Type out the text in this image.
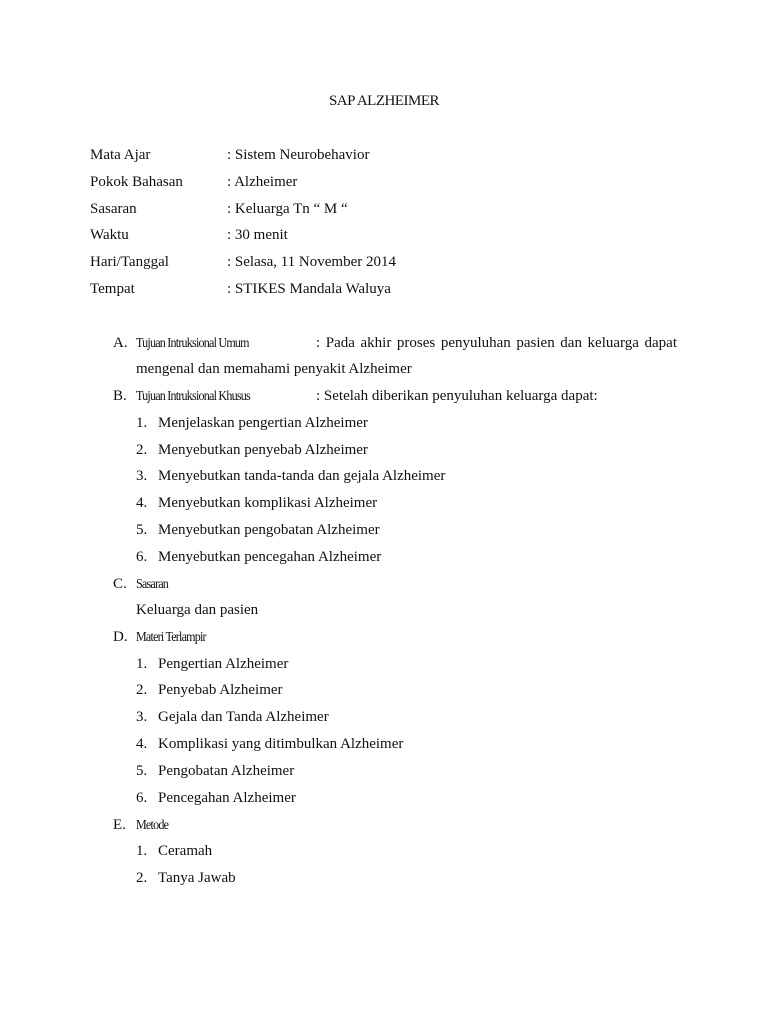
SAP ALZHEIMER
Mata Ajar	: Sistem Neurobehavior
Pokok Bahasan	: Alzheimer
Sasaran	: Keluarga Tn “ M “
Waktu	: 30 menit
Hari/Tanggal	: Selasa, 11 November 2014
Tempat	: STIKES Mandala Waluya
A. Tujuan Intruksional Umum	: Pada akhir proses penyuluhan pasien dan keluarga dapat
mengenal dan memahami penyakit Alzheimer
B. Tujuan Intruksional Khusus	: Setelah diberikan penyuluhan keluarga dapat:
1. Menjelaskan pengertian Alzheimer
2. Menyebutkan penyebab Alzheimer
3. Menyebutkan tanda-tanda dan gejala Alzheimer
4. Menyebutkan komplikasi Alzheimer
5. Menyebutkan pengobatan Alzheimer
6. Menyebutkan pencegahan Alzheimer
C. Sasaran
Keluarga dan pasien
D. Materi Terlampir
1. Pengertian Alzheimer
2. Penyebab Alzheimer
3. Gejala dan Tanda Alzheimer
4. Komplikasi yang ditimbulkan Alzheimer
5. Pengobatan Alzheimer
6. Pencegahan Alzheimer
E. Metode
1. Ceramah
2. Tanya Jawab
